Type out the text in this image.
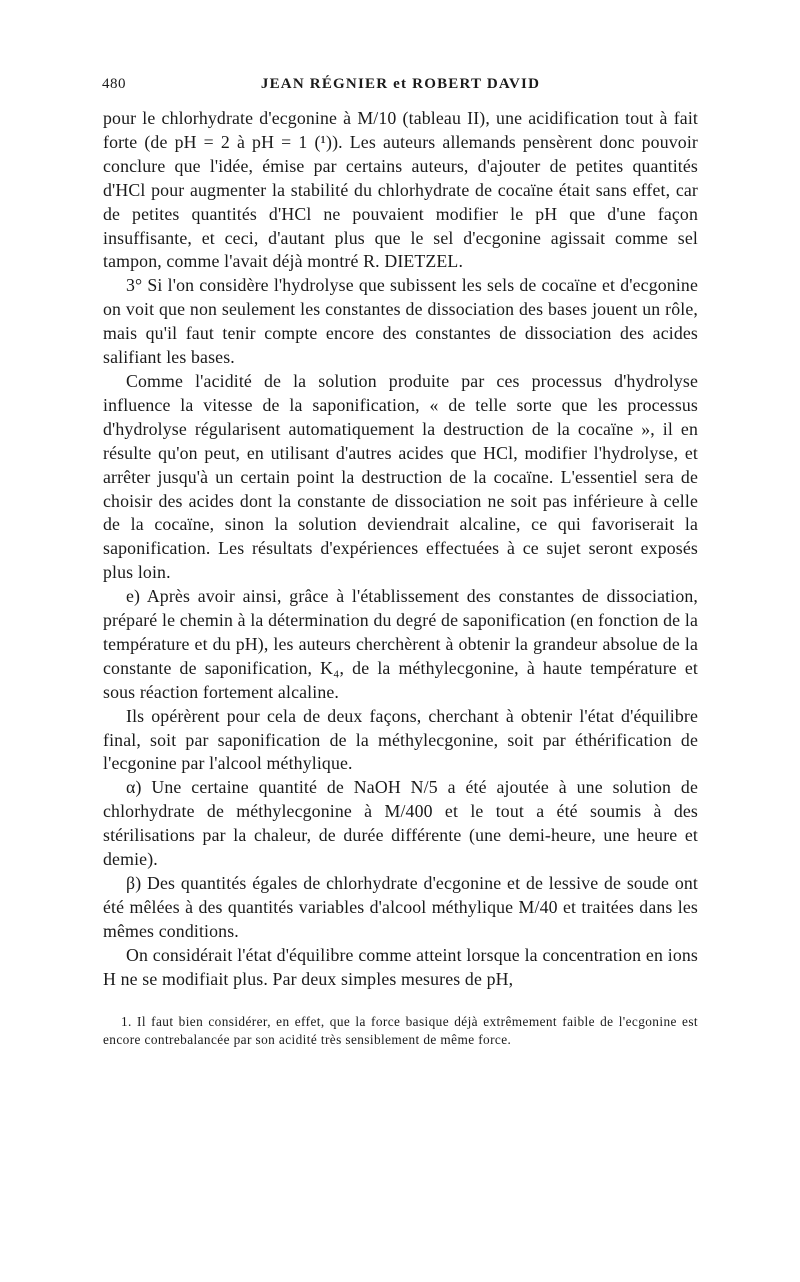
480	JEAN RÉGNIER et ROBERT DAVID

pour le chlorhydrate d'ecgonine à M/10 (tableau II), une acidification tout à fait forte (de pH = 2 à pH = 1 (¹)). Les auteurs allemands pensèrent donc pouvoir conclure que l'idée, émise par certains auteurs, d'ajouter de petites quantités d'HCl pour augmenter la stabilité du chlorhydrate de cocaïne était sans effet, car de petites quantités d'HCl ne pouvaient modifier le pH que d'une façon insuffisante, et ceci, d'autant plus que le sel d'ecgonine agissait comme sel tampon, comme l'avait déjà montré R. DIETZEL.

3° Si l'on considère l'hydrolyse que subissent les sels de cocaïne et d'ecgonine on voit que non seulement les constantes de dissociation des bases jouent un rôle, mais qu'il faut tenir compte encore des constantes de dissociation des acides salifiant les bases.

Comme l'acidité de la solution produite par ces processus d'hydrolyse influence la vitesse de la saponification, « de telle sorte que les processus d'hydrolyse régularisent automatiquement la destruction de la cocaïne », il en résulte qu'on peut, en utilisant d'autres acides que HCl, modifier l'hydrolyse, et arrêter jusqu'à un certain point la destruction de la cocaïne. L'essentiel sera de choisir des acides dont la constante de dissociation ne soit pas inférieure à celle de la cocaïne, sinon la solution deviendrait alcaline, ce qui favoriserait la saponification. Les résultats d'expériences effectuées à ce sujet seront exposés plus loin.

e) Après avoir ainsi, grâce à l'établissement des constantes de dissociation, préparé le chemin à la détermination du degré de saponification (en fonction de la température et du pH), les auteurs cherchèrent à obtenir la grandeur absolue de la constante de saponification, K₄, de la méthylecgonine, à haute température et sous réaction fortement alcaline.

Ils opérèrent pour cela de deux façons, cherchant à obtenir l'état d'équilibre final, soit par saponification de la méthylecgonine, soit par éthérification de l'ecgonine par l'alcool méthylique.

α) Une certaine quantité de NaOH N/5 a été ajoutée à une solution de chlorhydrate de méthylecgonine à M/400 et le tout a été soumis à des stérilisations par la chaleur, de durée différente (une demi-heure, une heure et demie).

β) Des quantités égales de chlorhydrate d'ecgonine et de lessive de soude ont été mêlées à des quantités variables d'alcool méthylique M/40 et traitées dans les mêmes conditions.

On considérait l'état d'équilibre comme atteint lorsque la concentration en ions H ne se modifiait plus. Par deux simples mesures de pH,

1. Il faut bien considérer, en effet, que la force basique déjà extrêmement faible de l'ecgonine est encore contrebalancée par son acidité très sensiblement de même force.
